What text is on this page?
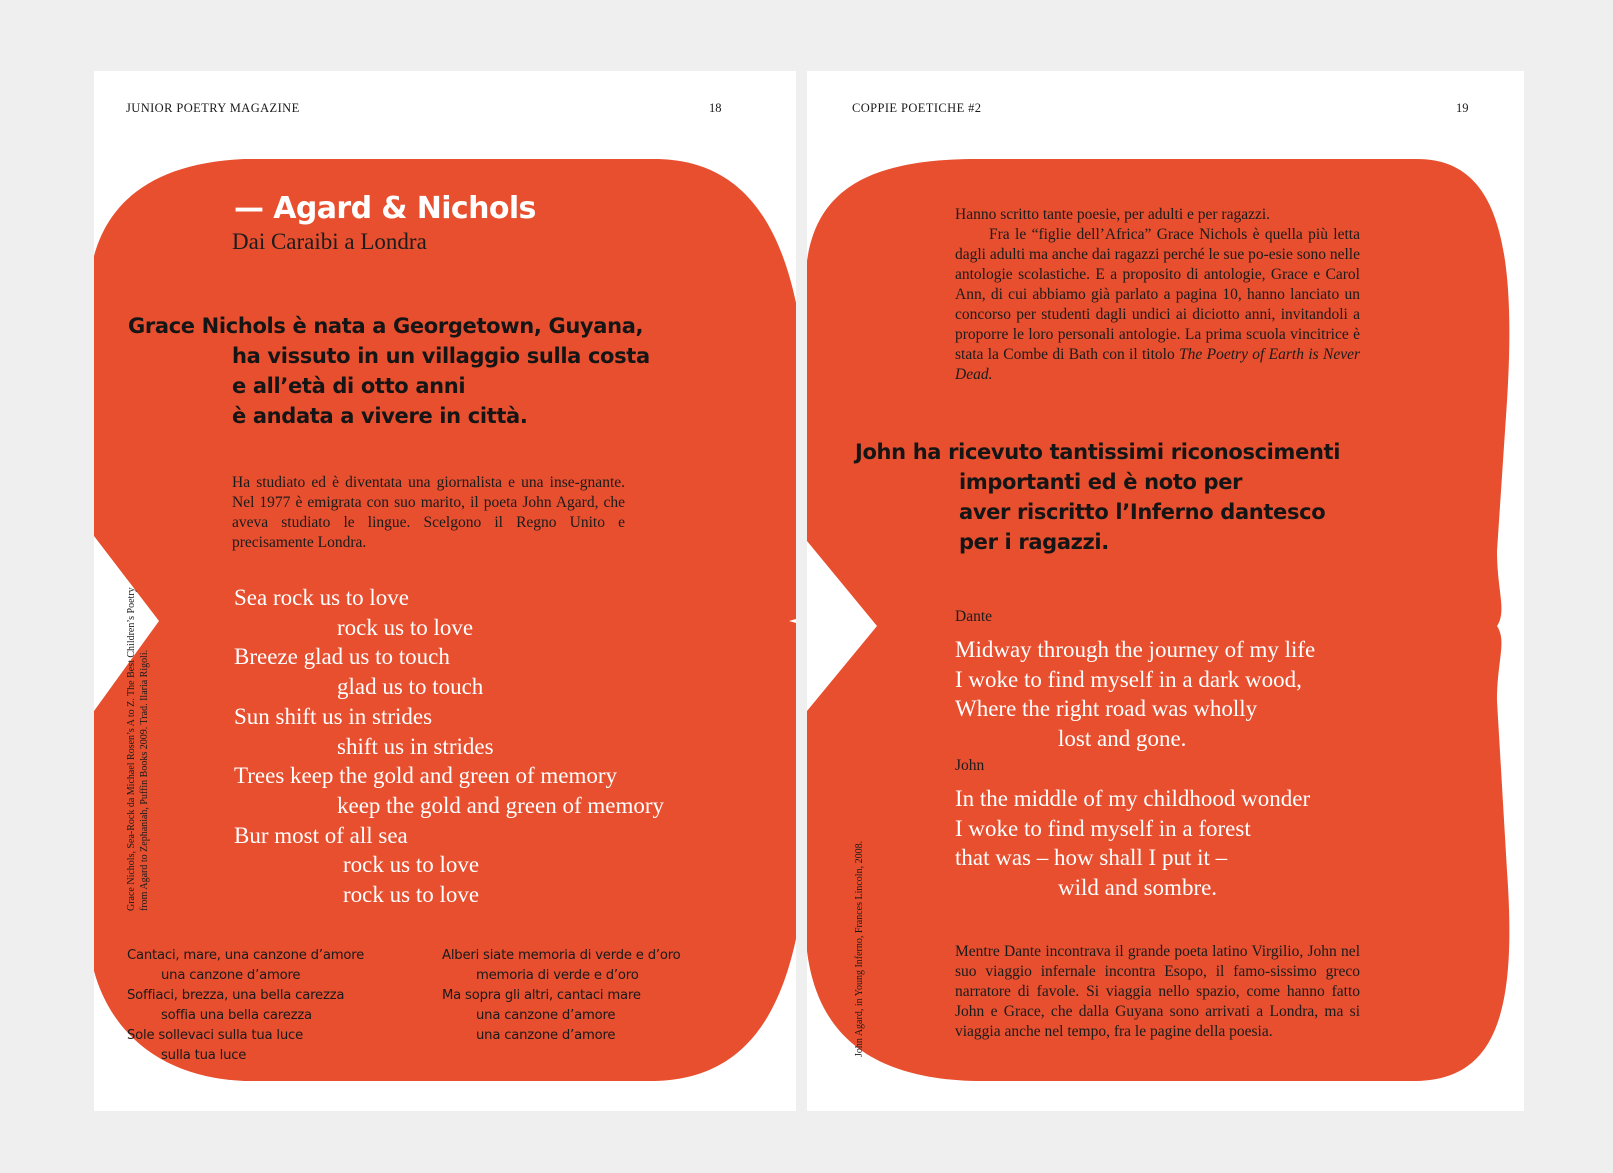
JUNIOR POETRY MAGAZINE	18
— Agard & Nichols
Dai Caraibi a Londra
Grace Nichols è nata a Georgetown, Guyana,
ha vissuto in un villaggio sulla costa
e all’età di otto anni
è andata a vivere in città.
Ha studiato ed è diventata una giornalista e una inse-gnante. Nel 1977 è emigrata con suo marito, il poeta John Agard, che aveva studiato le lingue. Scelgono il Regno Unito e precisamente Londra.
Sea rock us to love
rock us to love
Breeze glad us to touch
glad us to touch
Sun shift us in strides
shift us in strides
Trees keep the gold and green of memory
keep the gold and green of memory
Bur most of all sea
rock us to love
rock us to love
Cantaci, mare, una canzone d’amore
una canzone d’amore
Soffiaci, brezza, una bella carezza
soffia una bella carezza
Sole sollevaci sulla tua luce
sulla tua luce
Alberi siate memoria di verde e d’oro
memoria di verde e d’oro
Ma sopra gli altri, cantaci mare
una canzone d’amore
una canzone d’amore
Grace Nichols, Sea-Rock da Michael Rosen’s A to Z. The Best Children’s Poetry from Agard to Zephaniah, Puffin Books 2009. Trad. Ilaria Rigoli.
COPPIE POETICHE #2	19
Hanno scritto tante poesie, per adulti e per ragazzi.
Fra le “figlie dell’Africa” Grace Nichols è quella più letta dagli adulti ma anche dai ragazzi perché le sue po-esie sono nelle antologie scolastiche. E a proposito di antologie, Grace e Carol Ann, di cui abbiamo già parlato a pagina 10, hanno lanciato un concorso per studenti dagli undici ai diciotto anni, invitandoli a proporre le loro personali antologie. La prima scuola vincitrice è stata la Combe di Bath con il titolo The Poetry of Earth is Never Dead.
John ha ricevuto tantissimi riconoscimenti
importanti ed è noto per
aver riscritto l’Inferno dantesco
per i ragazzi.
Dante
Midway through the journey of my life
I woke to find myself in a dark wood,
Where the right road was wholly
lost and gone.
John
In the middle of my childhood wonder
I woke to find myself in a forest
that was – how shall I put it –
wild and sombre.
Mentre Dante incontrava il grande poeta latino Virgilio, John nel suo viaggio infernale incontra Esopo, il famo-sissimo greco narratore di favole. Si viaggia nello spazio, come hanno fatto John e Grace, che dalla Guyana sono arrivati a Londra, ma si viaggia anche nel tempo, fra le pagine della poesia.
John Agard, in Young Inferno, Frances Lincoln, 2008.
